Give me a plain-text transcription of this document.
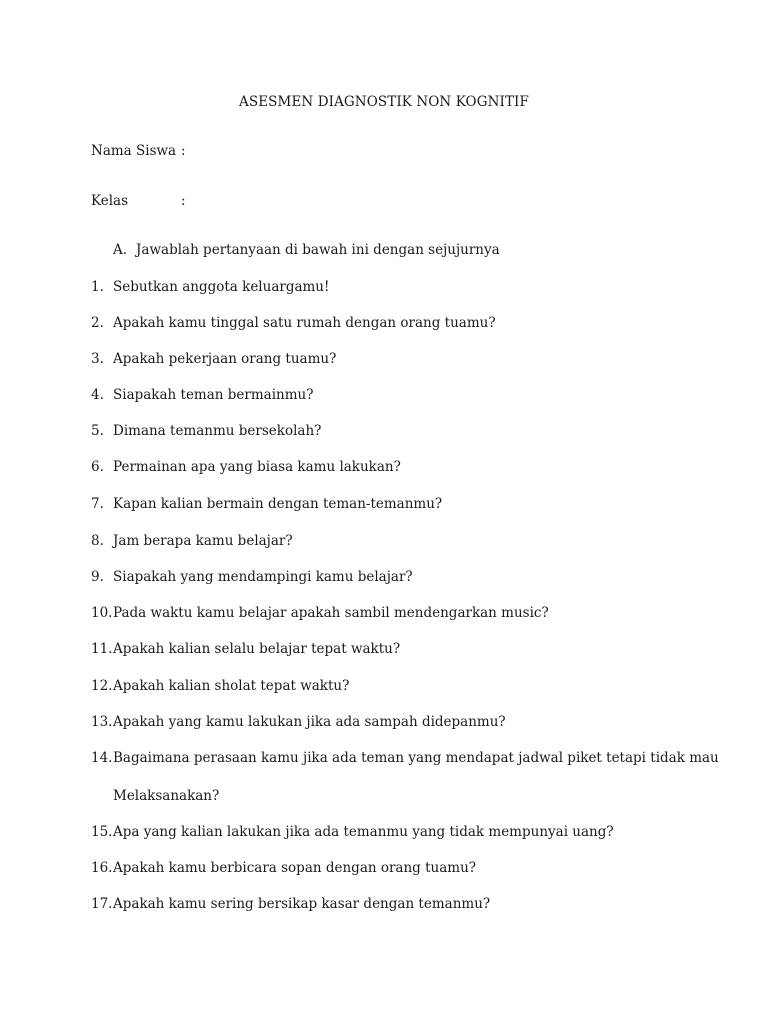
ASESMEN DIAGNOSTIK NON KOGNITIF
Nama Siswa :
Kelas	:
A. Jawablah pertanyaan di bawah ini dengan sejujurnya
1. Sebutkan anggota keluargamu!
2. Apakah kamu tinggal satu rumah dengan orang tuamu?
3. Apakah pekerjaan orang tuamu?
4. Siapakah teman bermainmu?
5. Dimana temanmu bersekolah?
6. Permainan apa yang biasa kamu lakukan?
7. Kapan kalian bermain dengan teman-temanmu?
8. Jam berapa kamu belajar?
9. Siapakah yang mendampingi kamu belajar?
10.Pada waktu kamu belajar apakah sambil mendengarkan music?
11.Apakah kalian selalu belajar tepat waktu?
12.Apakah kalian sholat tepat waktu?
13.Apakah yang kamu lakukan jika ada sampah didepanmu?
14.Bagaimana perasaan kamu jika ada teman yang mendapat jadwal piket tetapi tidak mau
Melaksanakan?
15.Apa yang kalian lakukan jika ada temanmu yang tidak mempunyai uang?
16.Apakah kamu berbicara sopan dengan orang tuamu?
17.Apakah kamu sering bersikap kasar dengan temanmu?
